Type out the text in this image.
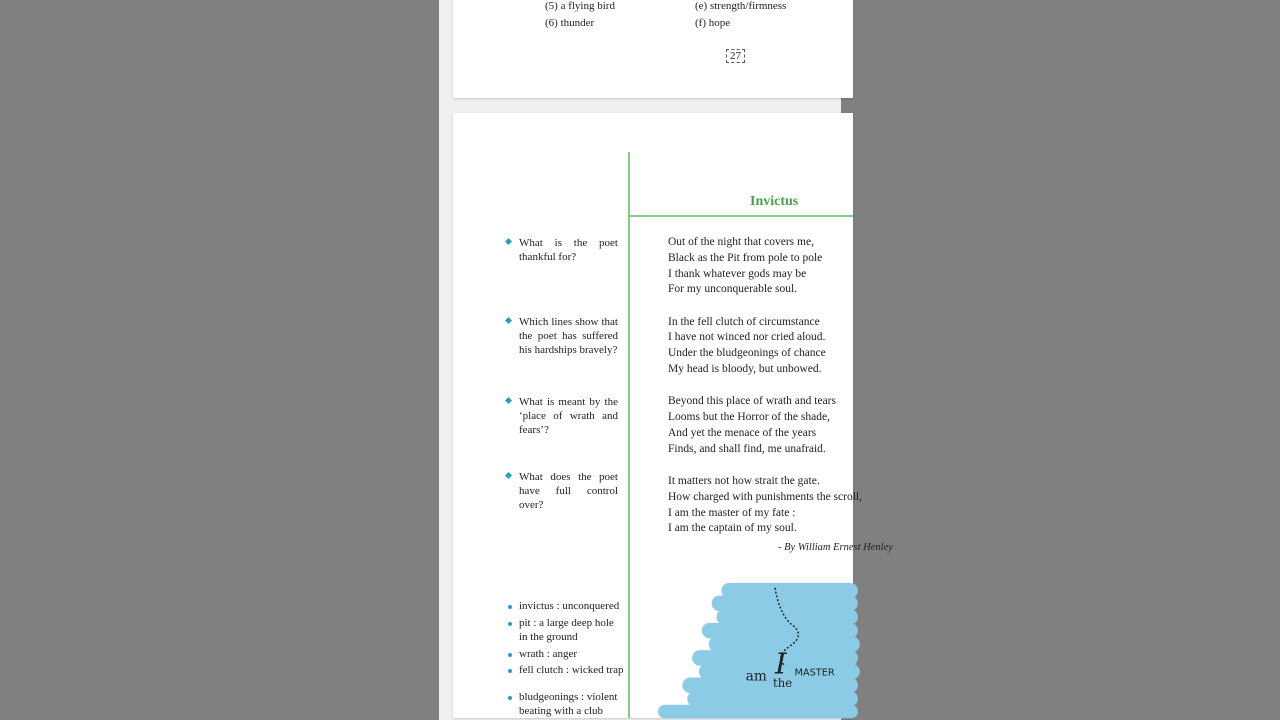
(5) a flying bird	(e) strength/firmness
(6) thunder	(f) hope
27
Invictus
What is the poet thankful for?
Which lines show that the poet has suffered his hardships bravely?
What is meant by the ‘place of wrath and fears’?
What does the poet have full control over?
Out of the night that covers me,
Black as the Pit from pole to pole
I thank whatever gods may be
For my unconquerable soul.
In the fell clutch of circumstance
I have not winced nor cried aloud.
Under the bludgeonings of chance
My head is bloody, but unbowed.
Beyond this place of wrath and tears
Looms but the Horror of the shade,
And yet the menace of the years
Finds, and shall find, me unafraid.
It matters not how strait the gate.
How charged with punishments the scroll,
I am the master of my fate :
I am the captain of my soul.
- By William Ernest Henley
invictus : unconquered
pit : a large deep hole in the ground
wrath : anger
fell clutch : wicked trap
bludgeonings : violent beating with a club
I
am	MASTER
the
